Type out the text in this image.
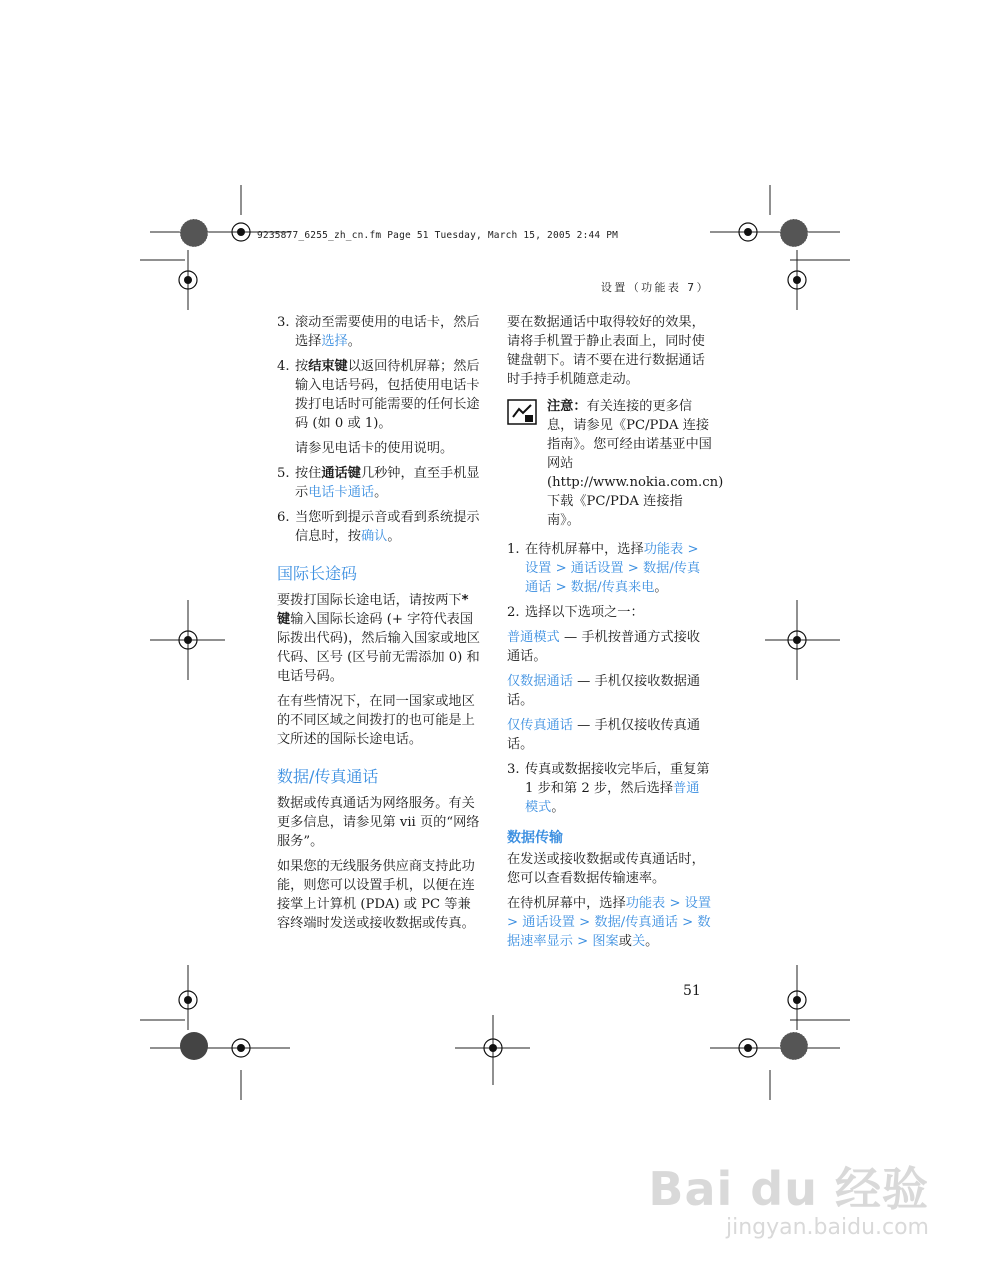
9235877_6255_zh_cn.fm Page 51 Tuesday, March 15, 2005 2:44 PM
设置（功能表 7）
3. 滚动至需要使用的电话卡，然后选择选择。
4. 按结束键以返回待机屏幕；然后输入电话号码，包括使用电话卡拨打电话时可能需要的任何长途码 (如 0 或 1)。

请参见电话卡的使用说明。

5. 按住通话键几秒钟，直至手机显示电话卡通话。
6. 当您听到提示音或看到系统提示信息时，按确认。
国际长途码

要拨打国际长途电话，请按两下* 键输入国际长途码 (+ 字符代表国际拨出代码)，然后输入国家或地区代码、区号 (区号前无需添加 0) 和电话号码。

在有些情况下，在同一国家或地区的不同区域之间拨打的也可能是上文所述的国际长途电话。

数据/传真通话

数据或传真通话为网络服务。有关更多信息，请参见第 vii 页的“网络服务”。

如果您的无线服务供应商支持此功能，则您可以设置手机，以便在连接掌上计算机 (PDA) 或 PC 等兼容终端时发送或接收数据或传真。

要在数据通话中取得较好的效果，请将手机置于静止表面上，同时使键盘朝下。请不要在进行数据通话时手持手机随意走动。

注意：有关连接的更多信息，请参见《PC/PDA 连接指南》。您可经由诺基亚中国网站 (http://www.nokia.com.cn) 下载《PC/PDA 连接指南》。
1. 在待机屏幕中，选择功能表 > 设置 > 通话设置 > 数据/传真通话 > 数据/传真来电。
2. 选择以下选项之一：

普通模式 — 手机按普通方式接收通话。

仅数据通话 — 手机仅接收数据通话。

仅传真通话 — 手机仅接收传真通话。

3. 传真或数据接收完毕后，重复第 1 步和第 2 步，然后选择普通模式。
数据传输

在发送或接收数据或传真通话时，您可以查看数据传输速率。

在待机屏幕中，选择功能表 > 设置 > 通话设置 > 数据/传真通话 > 数据速率显示 > 图案或关。

51
Bai du 经验
jingyan.baidu.com
